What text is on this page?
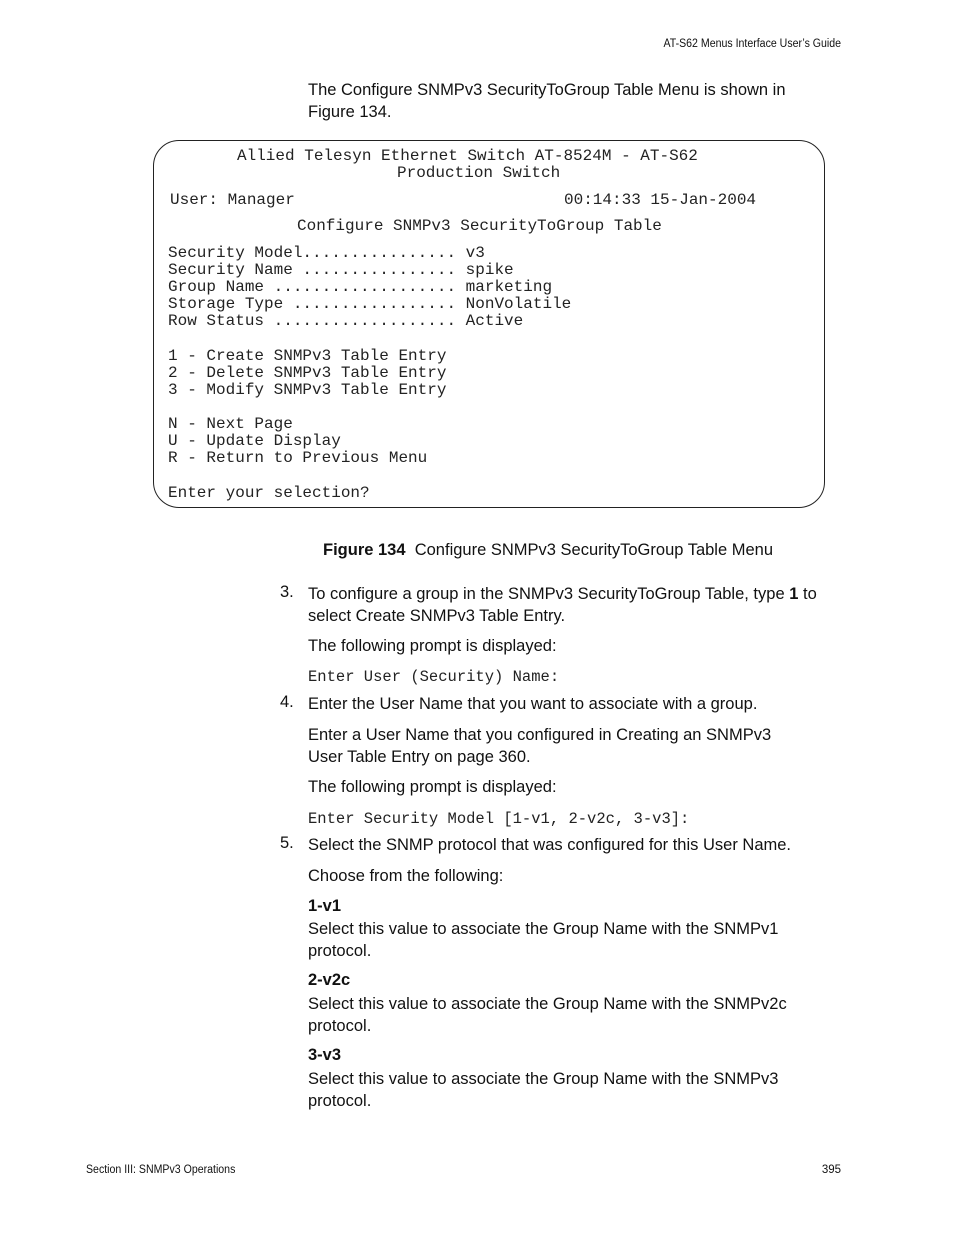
AT-S62 Menus Interface User’s Guide
The Configure SNMPv3 SecurityToGroup Table Menu is shown in Figure 134.
Allied Telesyn Ethernet Switch AT-8524M - AT-S62
Production Switch
User: Manager	00:14:33 15-Jan-2004
Configure SNMPv3 SecurityToGroup Table
Security Model................ v3
Security Name ................ spike
Group Name ................... marketing
Storage Type ................. NonVolatile
Row Status ................... Active
1 - Create SNMPv3 Table Entry
2 - Delete SNMPv3 Table Entry
3 - Modify SNMPv3 Table Entry
N - Next Page
U - Update Display
R - Return to Previous Menu
Enter your selection?
Figure 134 Configure SNMPv3 SecurityToGroup Table Menu
3. To configure a group in the SNMPv3 SecurityToGroup Table, type 1 to select Create SNMPv3 Table Entry.
The following prompt is displayed:
Enter User (Security) Name:
4. Enter the User Name that you want to associate with a group.
Enter a User Name that you configured in Creating an SNMPv3 User Table Entry on page 360.
The following prompt is displayed:
Enter Security Model [1-v1, 2-v2c, 3-v3]:
5. Select the SNMP protocol that was configured for this User Name.
Choose from the following:
1-v1
Select this value to associate the Group Name with the SNMPv1 protocol.
2-v2c
Select this value to associate the Group Name with the SNMPv2c protocol.
3-v3
Select this value to associate the Group Name with the SNMPv3 protocol.
Section III: SNMPv3 Operations	395
